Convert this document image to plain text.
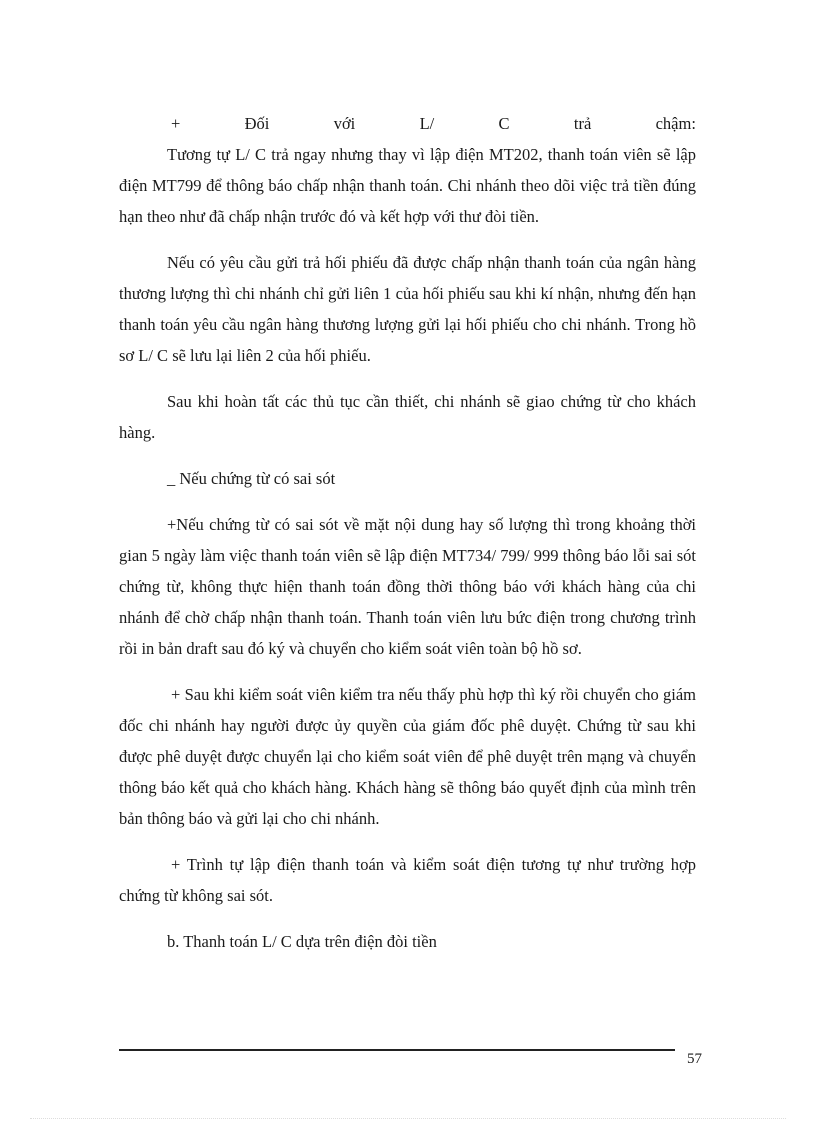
+	Đối	với	L/	C	trả	chậm:

Tương tự L/ C trả ngay nhưng thay vì lập điện MT202, thanh toán viên sẽ lập điện MT799 để thông báo chấp nhận thanh toán. Chi nhánh theo dõi việc trả tiền đúng hạn theo như đã chấp nhận trước đó và kết hợp với thư đòi tiền.

Nếu có yêu cầu gửi trả hối phiếu đã được chấp nhận thanh toán của ngân hàng thương lượng thì chi nhánh chỉ gửi liên 1 của hối phiếu sau khi kí nhận, nhưng đến hạn thanh toán yêu cầu ngân hàng thương lượng gửi lại hối phiếu cho chi nhánh. Trong hồ sơ L/ C sẽ lưu lại liên 2 của hối phiếu.

Sau khi hoàn tất các thủ tục cần thiết, chi nhánh sẽ giao chứng từ cho khách hàng.

_ Nếu chứng từ có sai sót

+Nếu chứng từ có sai sót về mặt nội dung hay số lượng thì trong khoảng thời gian 5 ngày làm việc thanh toán viên sẽ lập điện MT734/ 799/ 999 thông báo lỗi sai sót chứng từ, không thực hiện thanh toán đồng thời thông báo với khách hàng của chi nhánh để chờ chấp nhận thanh toán. Thanh toán viên lưu bức điện trong chương trình rồi in bản draft sau đó ký và chuyển cho kiểm soát viên toàn bộ hồ sơ.

+ Sau khi kiểm soát viên kiểm tra nếu thấy phù hợp thì ký rồi chuyển cho giám đốc chi nhánh hay người được ủy quyền của giám đốc phê duyệt. Chứng từ sau khi được phê duyệt được chuyển lại cho kiểm soát viên để phê duyệt trên mạng và chuyển thông báo kết quả cho khách hàng. Khách hàng sẽ thông báo quyết định của mình trên bản thông báo và gửi lại cho chi nhánh.

+ Trình tự lập điện thanh toán và kiểm soát điện tương tự như trường hợp chứng từ không sai sót.

b. Thanh toán L/ C dựa trên điện đòi tiền

57
